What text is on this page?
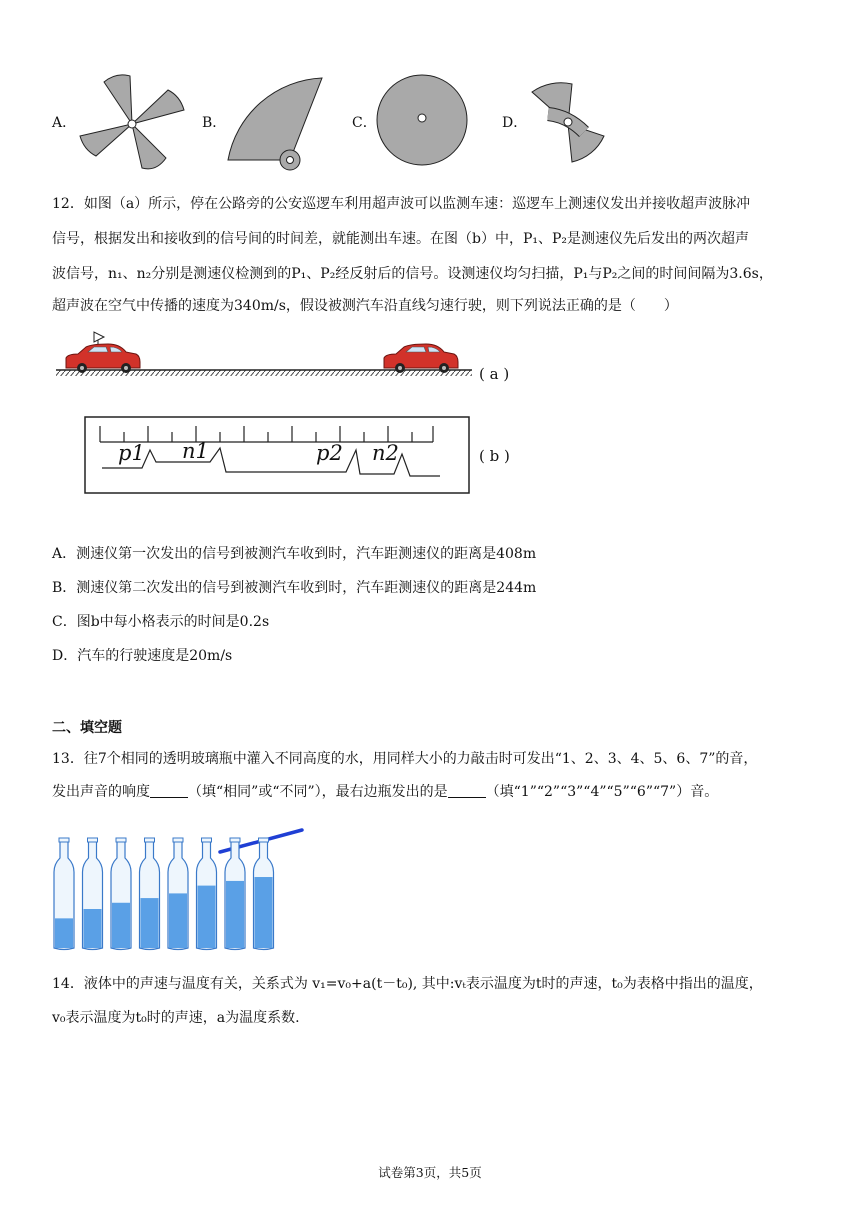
A．	B．	C．	D．
12．如图（a）所示，停在公路旁的公安巡逻车利用超声波可以监测车速：巡逻车上测速仪发出并接收超声波脉冲
信号，根据发出和接收到的信号间的时间差，就能测出车速。在图（b）中，P₁、P₂是测速仪先后发出的两次超声
波信号，n₁、n₂分别是测速仪检测到的P₁、P₂经反射后的信号。设测速仪均匀扫描，P₁与P₂之间的时间间隔为3.6s，
超声波在空气中传播的速度为340m/s，假设被测汽车沿直线匀速行驶，则下列说法正确的是（　　）
( a )
p1 n1	p2 n2	( b )
A．测速仪第一次发出的信号到被测汽车收到时，汽车距测速仪的距离是408m
B．测速仪第二次发出的信号到被测汽车收到时，汽车距测速仪的距离是244m
C．图b中每小格表示的时间是0.2s
D．汽车的行驶速度是20m/s
二、填空题
13．往7个相同的透明玻璃瓶中灌入不同高度的水，用同样大小的力敲击时可发出“1、2、3、4、5、6、7”的音，
发出声音的响度	（填“相同”或“不同”），最右边瓶发出的是	（填“1”“2”“3”“4”“5”“6”“7”）音。
14．液体中的声速与温度有关，关系式为 v₁=v₀+a(t－t₀), 其中:vₜ表示温度为t时的声速，t₀为表格中指出的温度，
v₀表示温度为t₀时的声速，a为温度系数.
试卷第3页，共5页
